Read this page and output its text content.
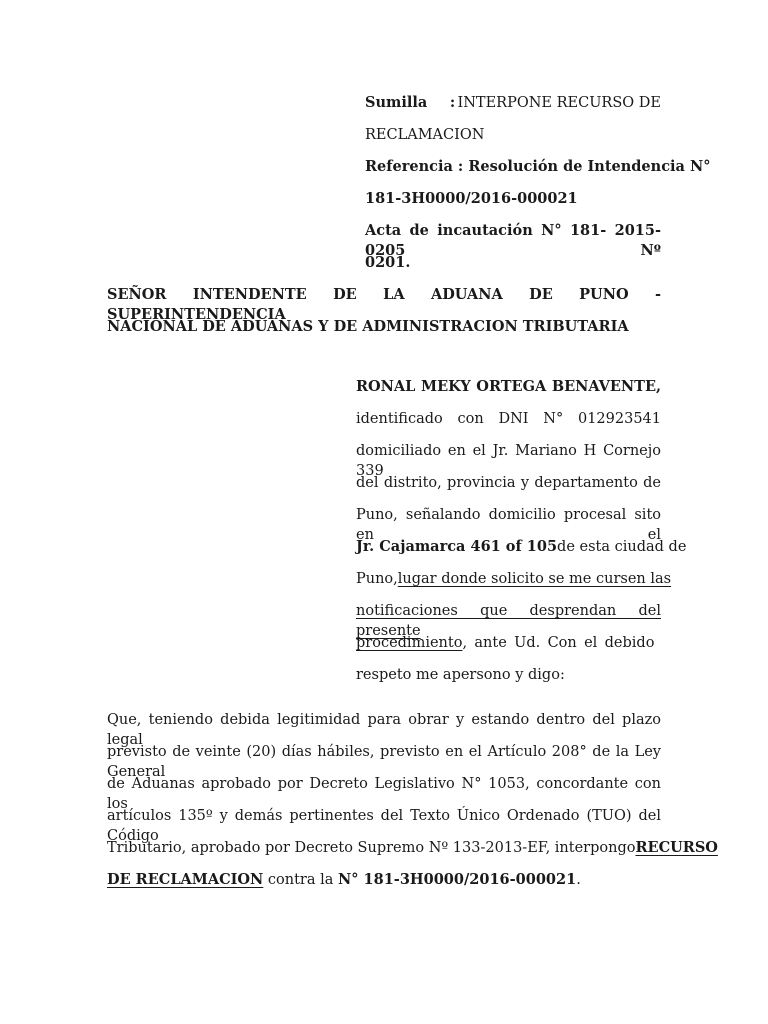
Sumilla : INTERPONE RECURSO DE
RECLAMACION
Referencia : Resolución de Intendencia N°
181-3H0000/2016-000021
Acta de incautación N° 181- 2015-0205 Nº
0201.
SEÑOR INTENDENTE DE LA ADUANA DE PUNO - SUPERINTENDENCIA
NACIONAL DE ADUANAS Y DE ADMINISTRACION TRIBUTARIA
RONAL MEKY ORTEGA BENAVENTE ,
identificado con DNI N° 012923541
domiciliado en el Jr. Mariano H Cornejo 339
del distrito, provincia y departamento de
Puno, señalando domicilio procesal sito en el
Jr. Cajamarca 461 of 105 de esta ciudad de
Puno, lugar donde solicito se me cursen las
notificaciones que desprendan del presente
procedimiento, ante Ud. Con el debido
respeto me apersono y digo:
Que, teniendo debida legitimidad para obrar y estando dentro del plazo legal
previsto de veinte (20) días hábiles, previsto en el Artículo 208° de la Ley General
de Aduanas aprobado por Decreto Legislativo N° 1053, concordante con los
artículos 135º y demás pertinentes del Texto Único Ordenado (TUO) del Código
Tributario, aprobado por Decreto Supremo Nº 133-2013-EF, interpongo RECURSO
DE RECLAMACION contra la N° 181-3H0000/2016-000021.
